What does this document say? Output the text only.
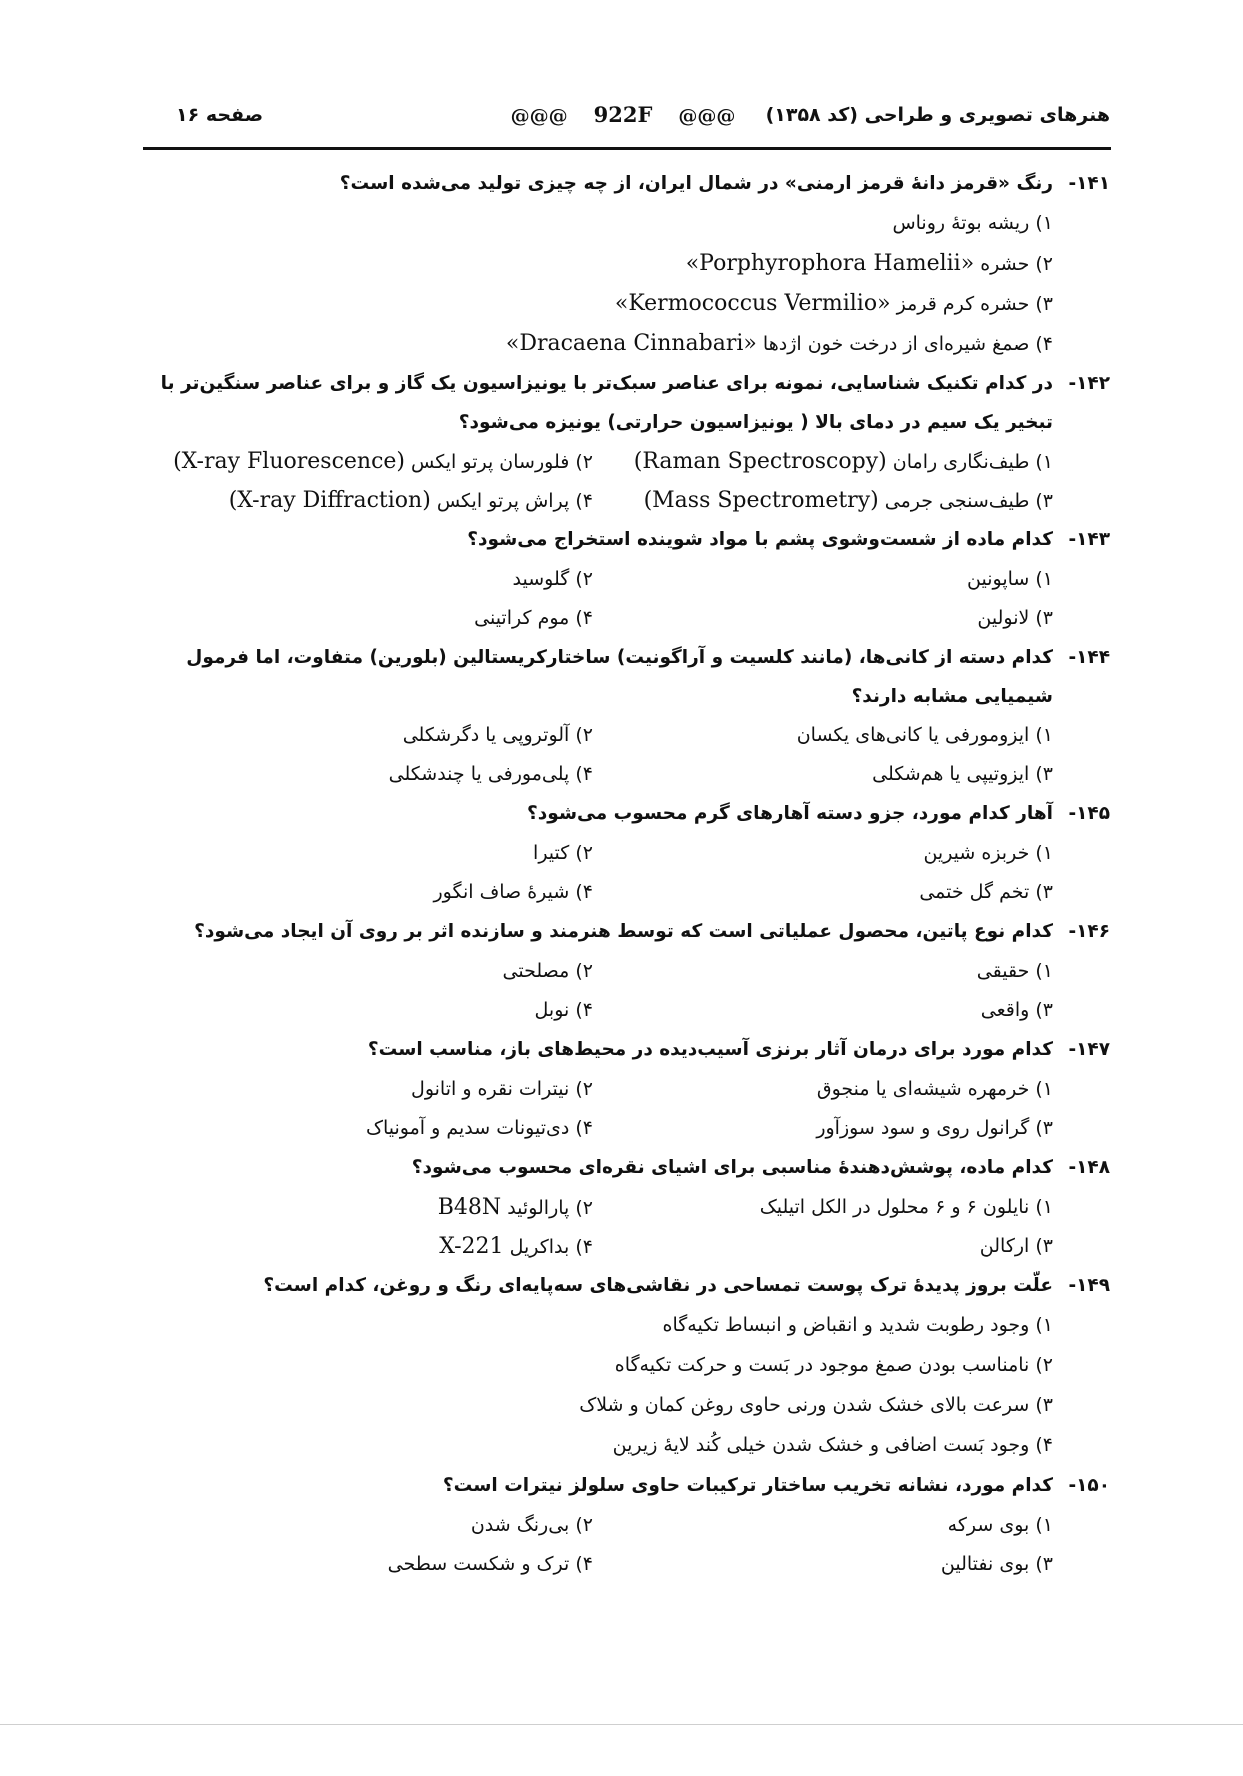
هنرهای تصویری و طراحی (کد ۱۳۵۸)
@@@ 922F @@@
صفحه ۱۶
۱۴۱-
رنگ «قرمز دانهٔ قرمز ارمنی» در شمال ایران، از چه چیزی تولید می‌شده است؟
۱) ریشه بوتهٔ روناس
۲) حشره «Porphyrophora Hamelii»
۳) حشره کرم قرمز «Kermococcus Vermilio»
۴) صمغ شیره‌ای از درخت خون اژدها «Dracaena Cinnabari»
۱۴۲-
در کدام تکنیک شناسایی، نمونه برای عناصر سبک‌تر با یونیزاسیون یک گاز و برای عناصر سنگین‌تر با تبخیر یک سیم در دمای بالا ( یونیزاسیون حرارتی) یونیزه می‌شود؟
۱) طیف‌نگاری رامان (Raman Spectroscopy)
۲) فلورسان پرتو ایکس (X-ray Fluorescence)
۳) طیف‌سنجی جرمی (Mass Spectrometry)
۴) پراش پرتو ایکس (X-ray Diffraction)
۱۴۳-
کدام ماده از شست‌وشوی پشم با مواد شوینده استخراج می‌شود؟
۱) ساپونین
۲) گلوسید
۳) لانولین
۴) موم کراتینی
۱۴۴-
کدام دسته از کانی‌ها، (مانند کلسیت و آراگونیت) ساختارکریستالین (بلورین) متفاوت، اما فرمول شیمیایی مشابه دارند؟
۱) ایزومورفی یا کانی‌های یکسان
۲) آلوتروپی یا دگرشکلی
۳) ایزوتیپی یا هم‌شکلی
۴) پلی‌مورفی یا چندشکلی
۱۴۵-
آهار کدام مورد، جزو دسته آهارهای گرم محسوب می‌شود؟
۱) خربزه شیرین
۲) کتیرا
۳) تخم گل ختمی
۴) شیرهٔ صاف انگور
۱۴۶-
کدام نوع پاتین، محصول عملیاتی است که توسط هنرمند و سازنده اثر بر روی آن ایجاد می‌شود؟
۱) حقیقی
۲) مصلحتی
۳) واقعی
۴) نوبل
۱۴۷-
کدام مورد برای درمان آثار برنزی آسیب‌دیده در محیط‌های باز، مناسب است؟
۱) خرمهره شیشه‌ای یا منجوق
۲) نیترات نقره و اتانول
۳) گرانول روی و سود سوزآور
۴) دی‌تیونات سدیم و آمونیاک
۱۴۸-
کدام ماده، پوشش‌دهندهٔ مناسبی برای اشیای نقره‌ای محسوب می‌شود؟
۱) نایلون ۶ و ۶ محلول در الکل اتیلیک
۲) پارالوئید B48N
۳) ارکالن
۴) بداکریل X-221
۱۴۹-
علّت بروز پدیدهٔ ترک پوست تمساحی در نقاشی‌های سه‌پایه‌ای رنگ و روغن، کدام است؟
۱) وجود رطوبت شدید و انقباض و انبساط تکیه‌گاه
۲) نامناسب بودن صمغ موجود در بَست و حرکت تکیه‌گاه
۳) سرعت بالای خشک شدن ورنی حاوی روغن کمان و شلاک
۴) وجود بَست اضافی و خشک شدن خیلی کُند لایهٔ زیرین
۱۵۰-
کدام مورد، نشانه تخریب ساختار ترکیبات حاوی سلولز نیترات است؟
۱) بوی سرکه
۲) بی‌رنگ شدن
۳) بوی نفتالین
۴) ترک و شکست سطحی
